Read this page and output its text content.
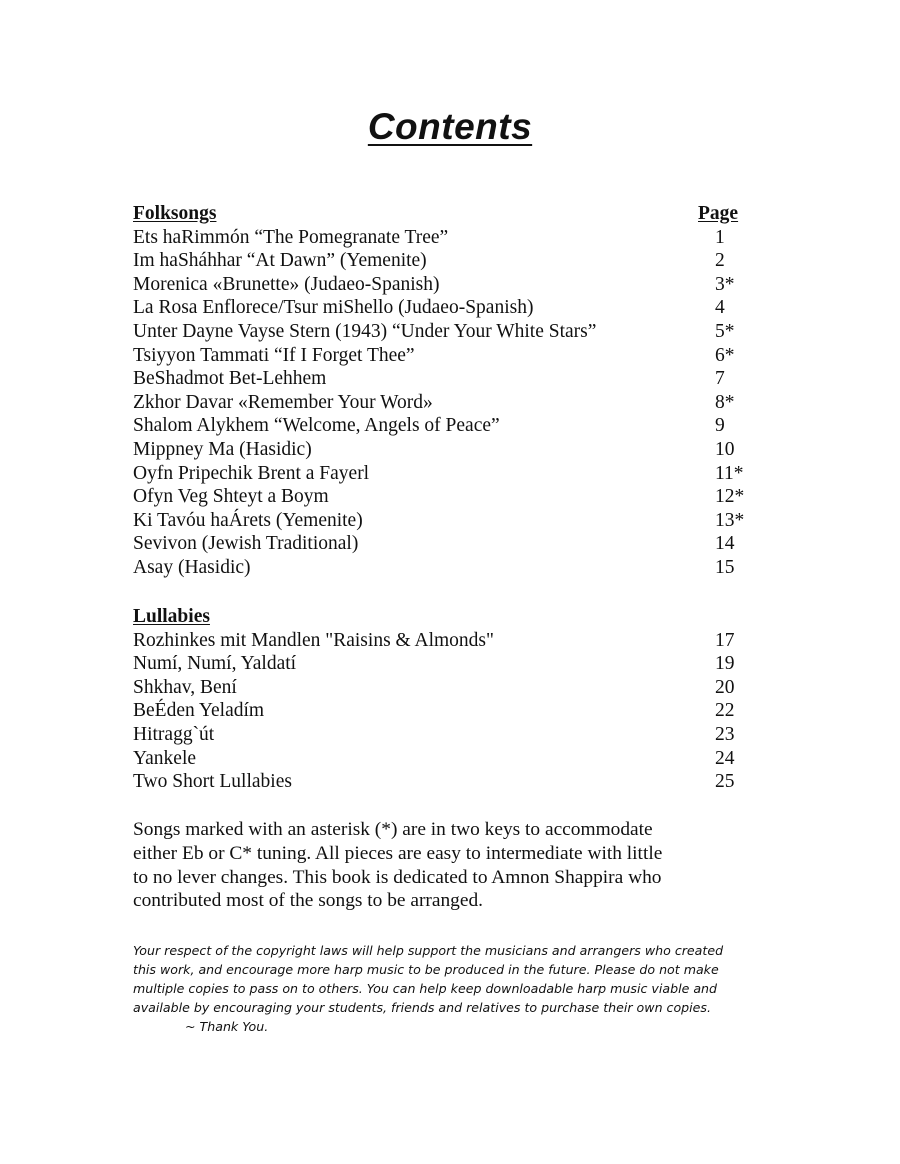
Contents
Folksongs	Page
Ets haRimmón “The Pomegranate Tree”	1
Im haSháhhar “At Dawn” (Yemenite)	2
Morenica «Brunette» (Judaeo-Spanish)	3*
La Rosa Enflorece/Tsur miShello (Judaeo-Spanish)	4
Unter Dayne Vayse Stern (1943) “Under Your White Stars”	5*
Tsiyyon Tammati “If I Forget Thee”	6*
BeShadmot Bet-Lehhem	7
Zkhor Davar «Remember Your Word»	8*
Shalom Alykhem “Welcome, Angels of Peace”	9
Mippney Ma (Hasidic)	10
Oyfn Pripechik Brent a Fayerl	11*
Ofyn Veg Shteyt a Boym	12*
Ki Tavóu haÁrets (Yemenite)	13*
Sevivon (Jewish Traditional)	14
Asay (Hasidic)	15
Lullabies
Rozhinkes mit Mandlen "Raisins & Almonds"	17
Numí, Numí, Yaldatí	19
Shkhav, Bení	20
BeÉden Yeladím	22
Hitragg`út	23
Yankele	24
Two Short Lullabies	25
Songs marked with an asterisk (*) are in two keys to accommodate
either Eb or C* tuning. All pieces are easy to intermediate with little
to no lever changes. This book is dedicated to Amnon Shappira who
contributed most of the songs to be arranged.
Your respect of the copyright laws will help support the musicians and arrangers who created
this work, and encourage more harp music to be produced in the future. Please do not make
multiple copies to pass on to others. You can help keep downloadable harp music viable and
available by encouraging your students, friends and relatives to purchase their own copies.
~ Thank You.
